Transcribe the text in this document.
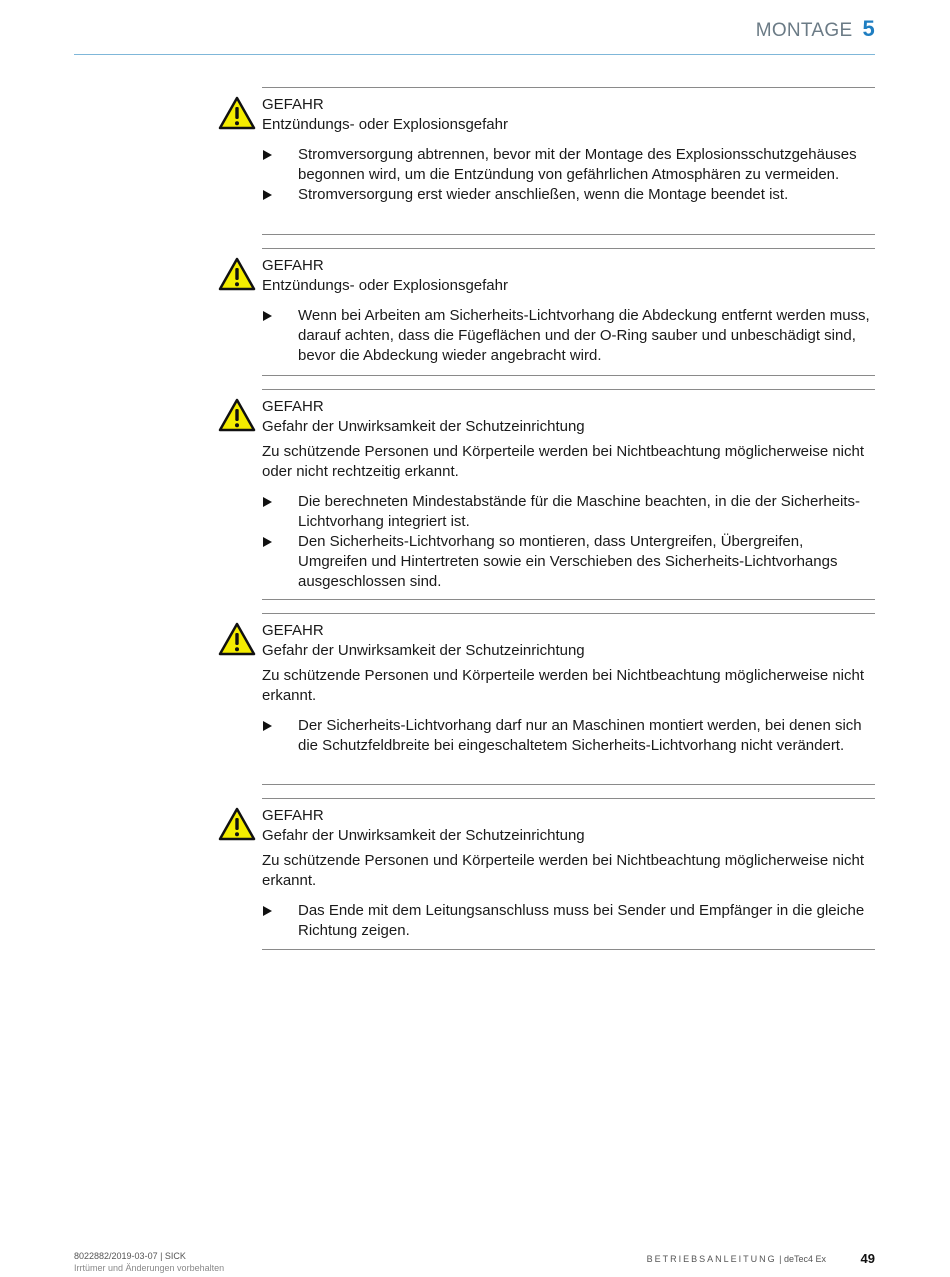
MONTAGE 5
GEFAHR
Entzündungs- oder Explosionsgefahr
Stromversorgung abtrennen, bevor mit der Montage des Explosionsschutzgehäuses begonnen wird, um die Entzündung von gefährlichen Atmosphären zu vermeiden.
Stromversorgung erst wieder anschließen, wenn die Montage beendet ist.
GEFAHR
Entzündungs- oder Explosionsgefahr
Wenn bei Arbeiten am Sicherheits-Lichtvorhang die Abdeckung entfernt werden muss, darauf achten, dass die Fügeflächen und der O-Ring sauber und unbeschädigt sind, bevor die Abdeckung wieder angebracht wird.
GEFAHR
Gefahr der Unwirksamkeit der Schutzeinrichtung
Zu schützende Personen und Körperteile werden bei Nichtbeachtung möglicherweise nicht oder nicht rechtzeitig erkannt.
Die berechneten Mindestabstände für die Maschine beachten, in die der Sicherheits-Lichtvorhang integriert ist.
Den Sicherheits-Lichtvorhang so montieren, dass Untergreifen, Übergreifen, Umgreifen und Hintertreten sowie ein Verschieben des Sicherheits-Lichtvorhangs ausgeschlossen sind.
GEFAHR
Gefahr der Unwirksamkeit der Schutzeinrichtung
Zu schützende Personen und Körperteile werden bei Nichtbeachtung möglicherweise nicht erkannt.
Der Sicherheits-Lichtvorhang darf nur an Maschinen montiert werden, bei denen sich die Schutzfeldbreite bei eingeschaltetem Sicherheits-Lichtvorhang nicht verändert.
GEFAHR
Gefahr der Unwirksamkeit der Schutzeinrichtung
Zu schützende Personen und Körperteile werden bei Nichtbeachtung möglicherweise nicht erkannt.
Das Ende mit dem Leitungsanschluss muss bei Sender und Empfänger in die gleiche Richtung zeigen.
8022882/2019-03-07 | SICK
Irrtümer und Änderungen vorbehalten
BETRIEBSANLEITUNG | deTec4 Ex	49
